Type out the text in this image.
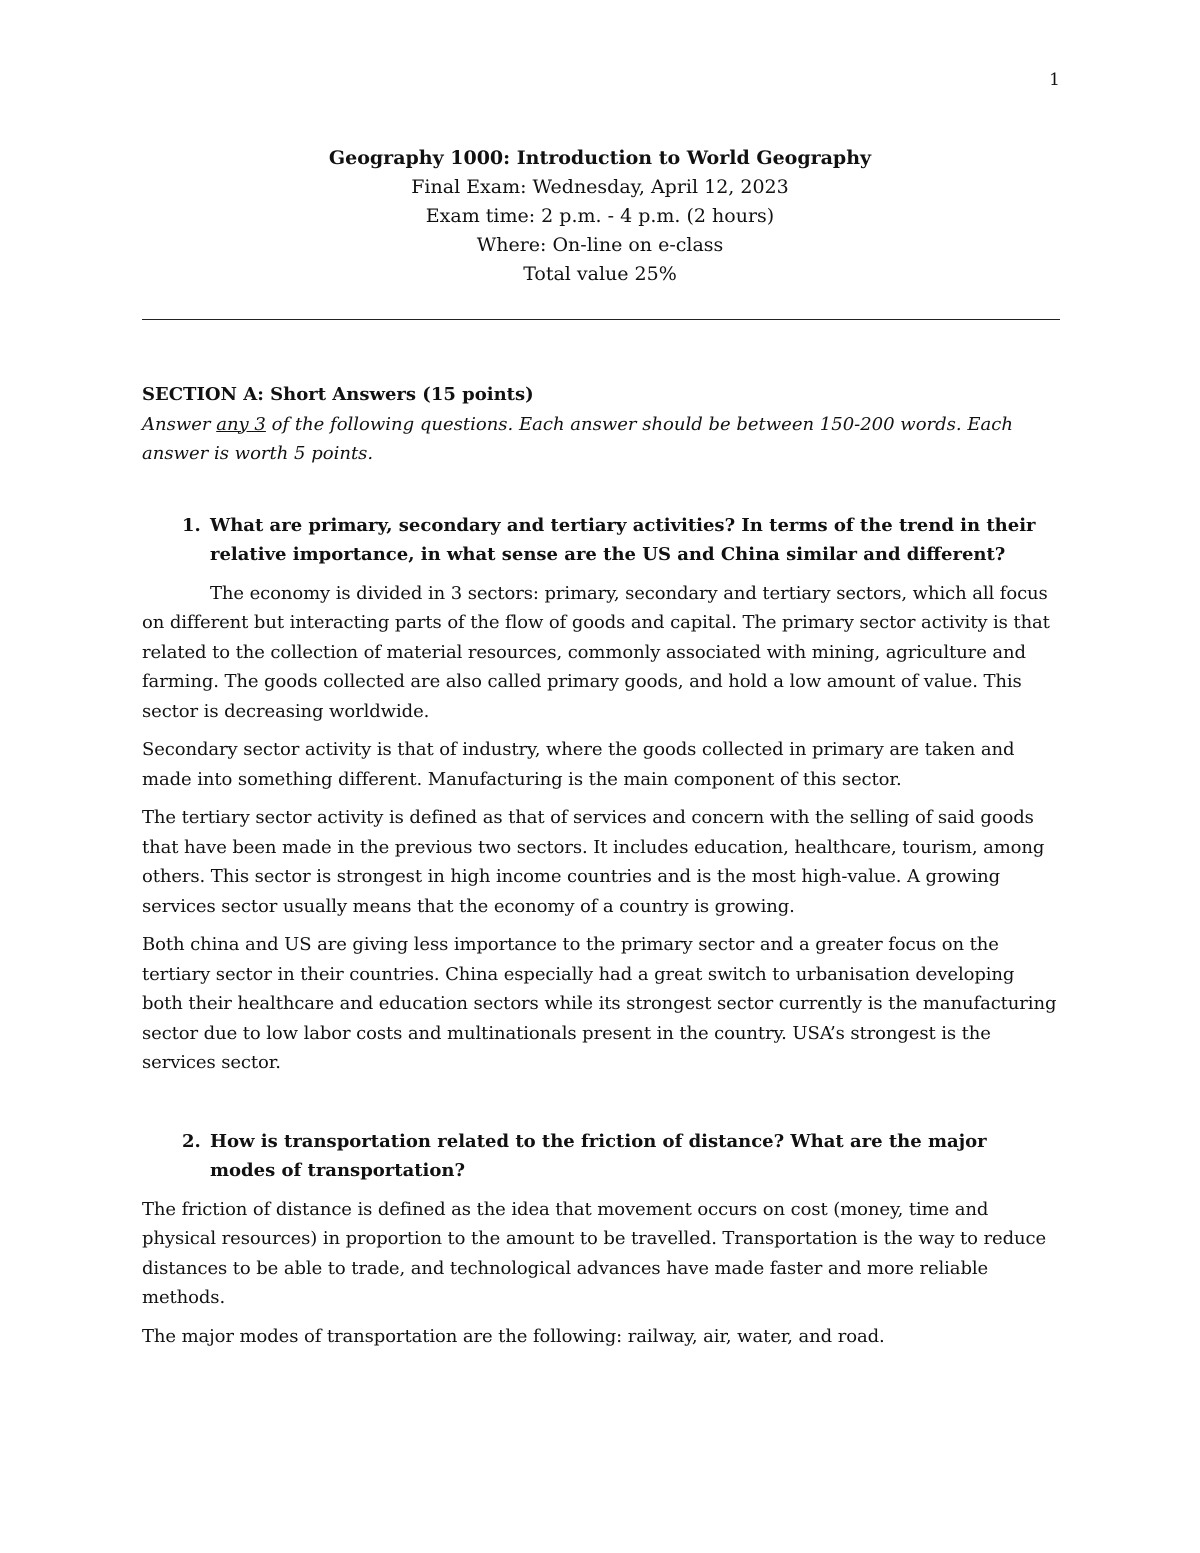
1

Geography 1000: Introduction to World Geography

Final Exam: Wednesday, April 12, 2023

Exam time: 2 p.m. - 4 p.m. (2 hours)

Where: On-line on e-class

Total value 25%

SECTION A: Short Answers (15 points)

Answer any 3 of the following questions. Each answer should be between 150-200 words. Each answer is worth 5 points.

1. What are primary, secondary and tertiary activities? In terms of the trend in their relative importance, in what sense are the US and China similar and different?

The economy is divided in 3 sectors: primary, secondary and tertiary sectors, which all focus on different but interacting parts of the flow of goods and capital. The primary sector activity is that related to the collection of material resources, commonly associated with mining, agriculture and farming. The goods collected are also called primary goods, and hold a low amount of value. This sector is decreasing worldwide.

Secondary sector activity is that of industry, where the goods collected in primary are taken and made into something different. Manufacturing is the main component of this sector.

The tertiary sector activity is defined as that of services and concern with the selling of said goods that have been made in the previous two sectors. It includes education, healthcare, tourism, among others. This sector is strongest in high income countries and is the most high-value. A growing services sector usually means that the economy of a country is growing.

Both china and US are giving less importance to the primary sector and a greater focus on the tertiary sector in their countries. China especially had a great switch to urbanisation developing both their healthcare and education sectors while its strongest sector currently is the manufacturing sector due to low labor costs and multinationals present in the country. USA’s strongest is the services sector.

2. How is transportation related to the friction of distance? What are the major modes of transportation?

The friction of distance is defined as the idea that movement occurs on cost (money, time and physical resources) in proportion to the amount to be travelled. Transportation is the way to reduce distances to be able to trade, and technological advances have made faster and more reliable methods.

The major modes of transportation are the following: railway, air, water, and road.
